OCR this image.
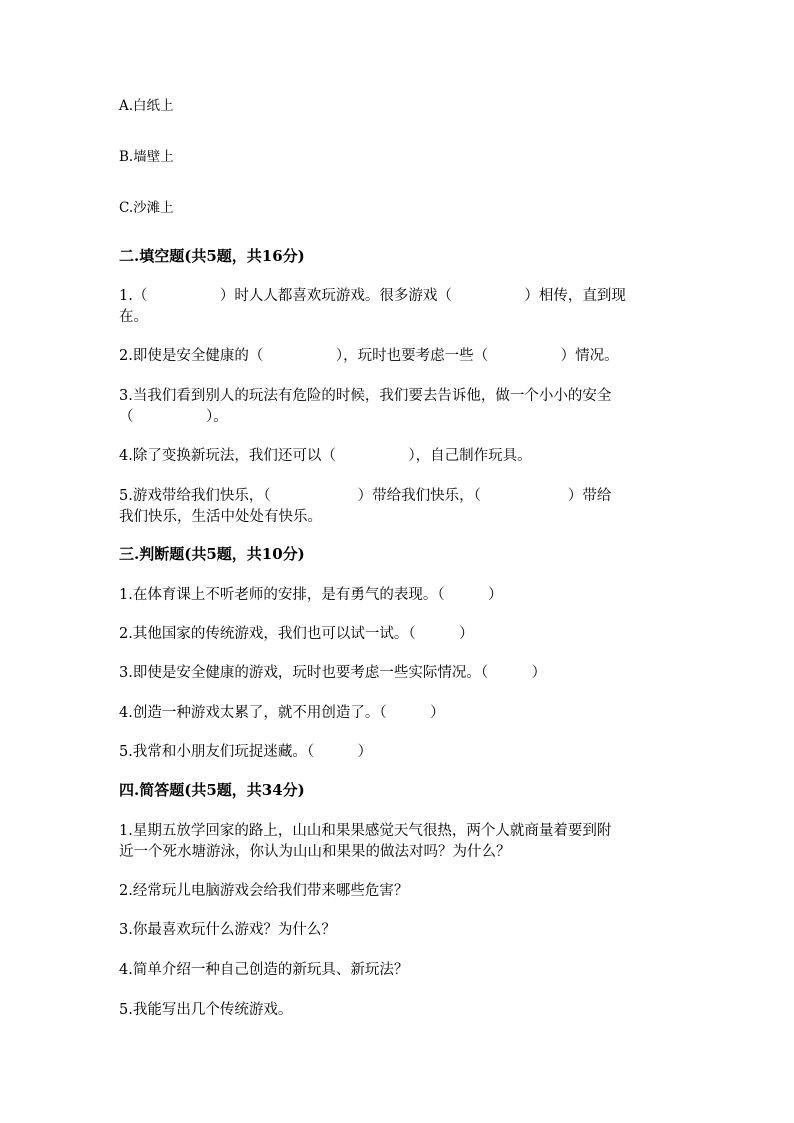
A.白纸上
B.墙壁上
C.沙滩上
二.填空题(共5题，共16分)
1.（　　　　　）时人人都喜欢玩游戏。很多游戏（　　　　　）相传，直到现
在。
2.即使是安全健康的（　　　　　），玩时也要考虑一些（　　　　　）情况。
3.当我们看到别人的玩法有危险的时候，我们要去告诉他，做一个小小的安全
（　　　　　）。
4.除了变换新玩法，我们还可以（　　　　　），自己制作玩具。
5.游戏带给我们快乐，（　　　　　　）带给我们快乐，（　　　　　　）带给
我们快乐，生活中处处有快乐。
三.判断题(共5题，共10分)
1.在体育课上不听老师的安排，是有勇气的表现。（　　　）
2.其他国家的传统游戏，我们也可以试一试。（　　　）
3.即使是安全健康的游戏，玩时也要考虑一些实际情况。（　　　）
4.创造一种游戏太累了，就不用创造了。（　　　）
5.我常和小朋友们玩捉迷藏。（　　　）
四.简答题(共5题，共34分)
1.星期五放学回家的路上，山山和果果感觉天气很热，两个人就商量着要到附
近一个死水塘游泳，你认为山山和果果的做法对吗？为什么？
2.经常玩儿电脑游戏会给我们带来哪些危害？
3.你最喜欢玩什么游戏？为什么？
4.简单介绍一种自己创造的新玩具、新玩法？
5.我能写出几个传统游戏。
